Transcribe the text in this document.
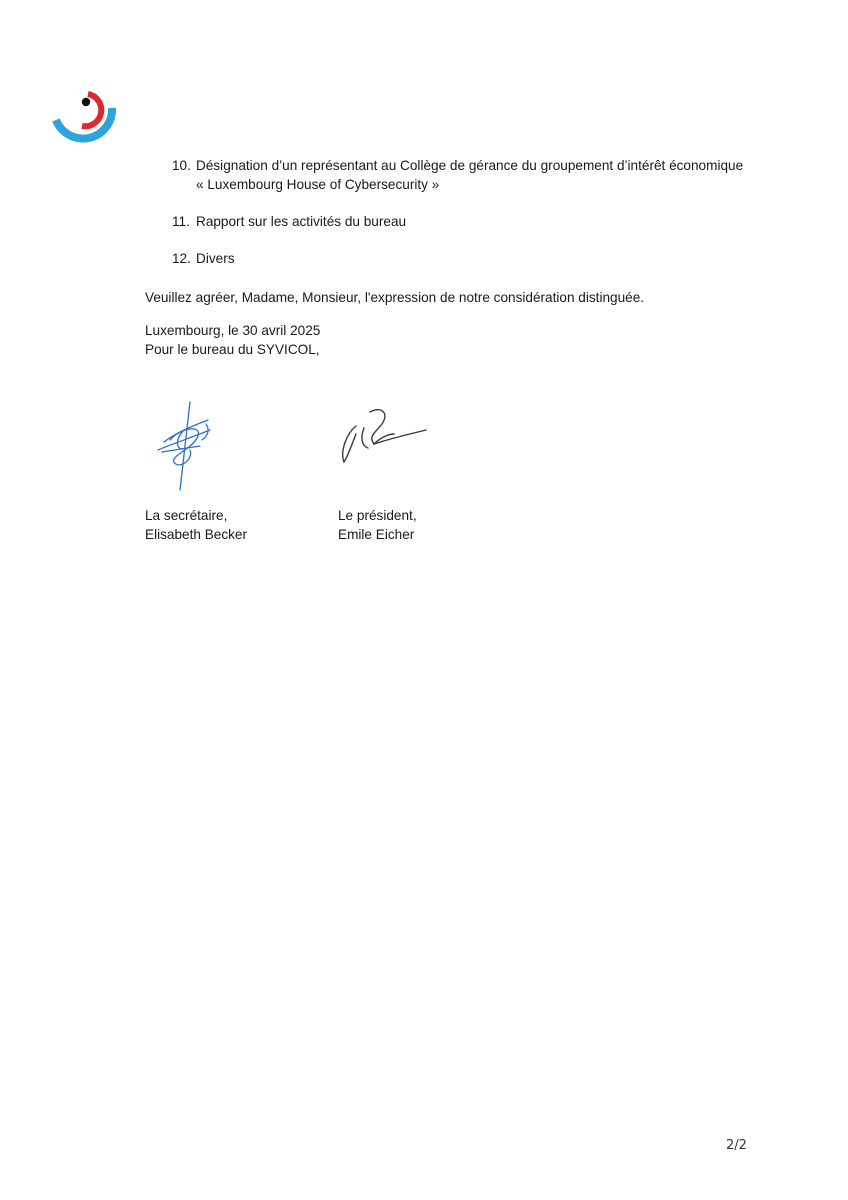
10. Désignation d’un représentant au Collège de gérance du groupement d’intérêt économique
« Luxembourg House of Cybersecurity »
11. Rapport sur les activités du bureau
12. Divers

Veuillez agréer, Madame, Monsieur, l'expression de notre considération distinguée.

Luxembourg, le 30 avril 2025

Pour le bureau du SYVICOL,

La secrétaire,
Elisabeth Becker
Le président,
Emile Eicher
2/2
